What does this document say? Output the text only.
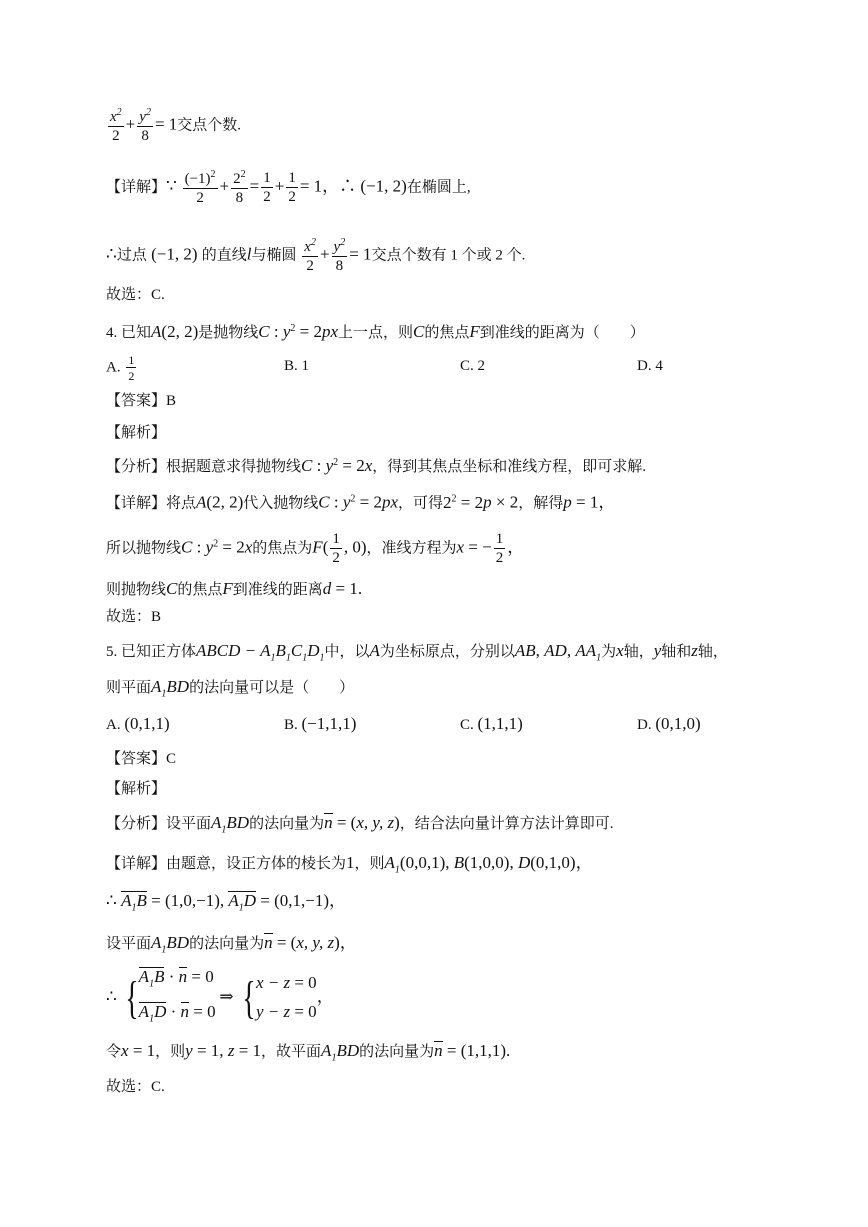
$\frac{x^2}{2} + \frac{y^2}{8} = 1$交点个数.
【详解】∵ $\frac{(-1)^2}{2} + \frac{2^2}{8} = \frac{1}{2} + \frac{1}{2} = 1$，∴ (−1, 2)在椭圆上,
∴过点 (−1, 2) 的直线l与椭圆 $\frac{x^2}{2} + \frac{y^2}{8} = 1$交点个数有 1 个或 2 个.
故选：C.
4. 已知A(2, 2)是抛物线C : $y^2 = 2px$上一点，则C的焦点F到准线的距离为（　　）
A. $\frac{1}{2}$	B. 1	C. 2	D. 4
【答案】B
【解析】
【分析】根据题意求得抛物线C : $y^2 = 2x$，得到其焦点坐标和准线方程，即可求解.
【详解】将点A(2, 2)代入抛物线C : $y^2 = 2px$，可得$2^2 = 2p \times 2$，解得p = 1，
所以抛物线C : $y^2 = 2x$的焦点为$F( \frac{1}{2}$ , 0)，准线方程为x = − $\frac{1}{2}$ ，
则抛物线C的焦点F到准线的距离d = 1.
故选：B
5. 已知正方体ABCD − $A_1B_1C_1D_1$中，以A为坐标原点，分别以AB, AD, $AA_1$为x轴，y轴和z轴，
则平面$A_1BD$的法向量可以是（　　）
A. (0,1,1)	B. (−1,1,1)	C. (1,1,1)	D. (0,1,0)
【答案】C
【解析】
【分析】设平面$A_1BD$的法向量为n = (x, y, z)，结合法向量计算方法计算即可.
【详解】由题意，设正方体的棱长为1，则$A_1(0,0,1)$, B(1,0,0), D(0,1,0)，
∴ $A_1B = (1,0,-1)$, $A_1D = (0,1,-1)$，
设平面$A_1BD$的法向量为n = (x, y, z)，
∴ { $A_1B \cdot n = 0$
$A_1D \cdot n = 0$
⇒ { x − z = 0
y − z = 0
，
令x = 1，则y = 1, z = 1，故平面$A_1BD$的法向量为n = (1,1,1).
故选：C.
